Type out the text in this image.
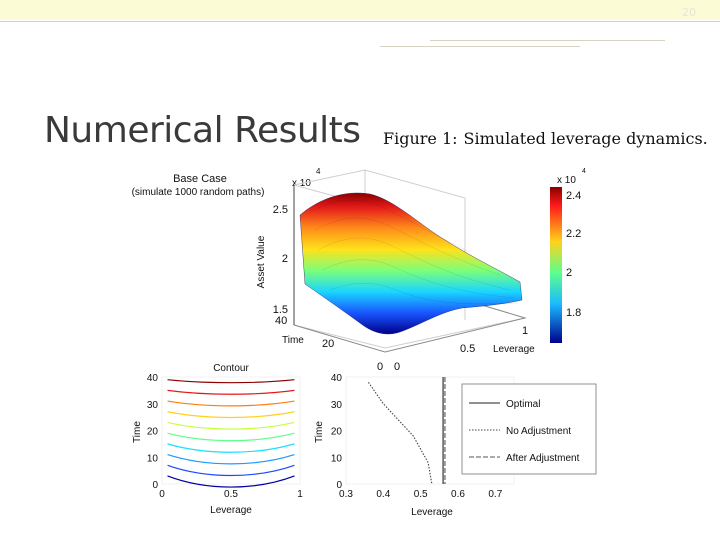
20
Numerical Results Figure 1: Simulated leverage dynamics.
Base Case
(simulate 1000 random paths)
x 10
4
2.5
2
1.5
Asset Value
40
20
0
Time
0
0.5
1
Leverage
x 10
4
2.4
2.2
2
1.8
Contour
0
10
20
30
40
0	0.5	1
Time
Leverage
0
10
20
30
40
0.3 0.4 0.5 0.6 0.7
Time
Leverage
Optimal
No Adjustment
After Adjustment
